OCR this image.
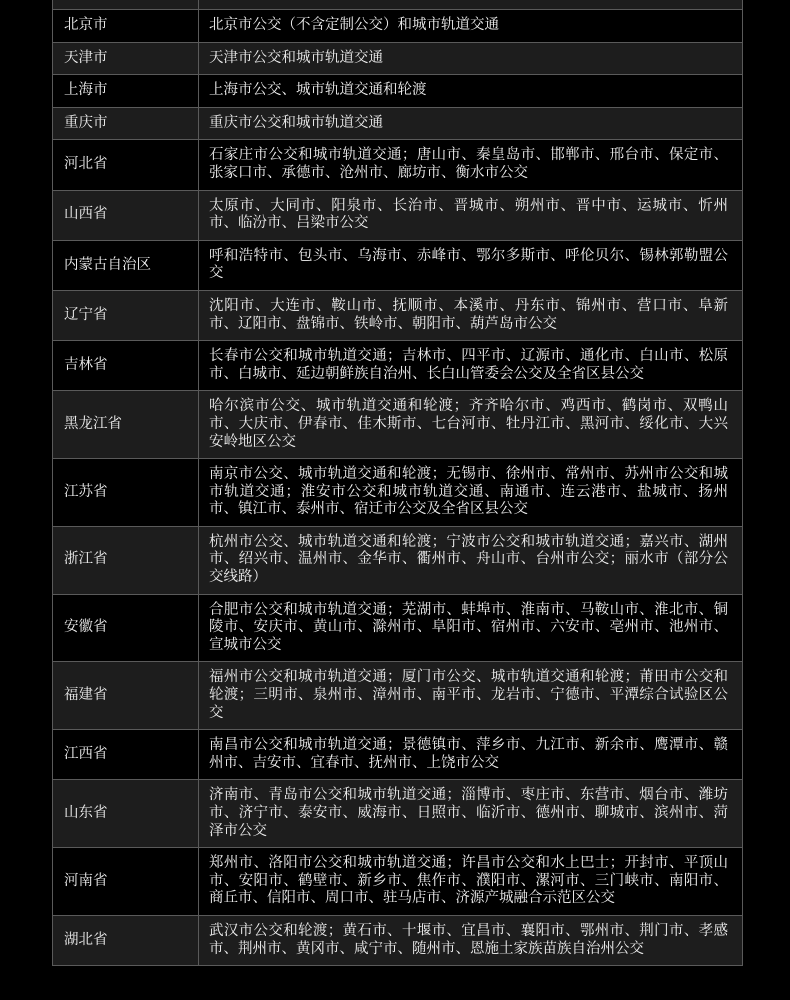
北京市	北京市公交（不含定制公交）和城市轨道交通
天津市	天津市公交和城市轨道交通
上海市	上海市公交、城市轨道交通和轮渡
重庆市	重庆市公交和城市轨道交通
河北省	石家庄市公交和城市轨道交通；唐山市、秦皇岛市、邯郸市、邢台市、保定市、张家口市、承德市、沧州市、廊坊市、衡水市公交
山西省	太原市、大同市、阳泉市、长治市、晋城市、朔州市、晋中市、运城市、忻州市、临汾市、吕梁市公交
内蒙古自治区	呼和浩特市、包头市、乌海市、赤峰市、鄂尔多斯市、呼伦贝尔、锡林郭勒盟公交
辽宁省	沈阳市、大连市、鞍山市、抚顺市、本溪市、丹东市、锦州市、营口市、阜新市、辽阳市、盘锦市、铁岭市、朝阳市、葫芦岛市公交
吉林省	长春市公交和城市轨道交通；吉林市、四平市、辽源市、通化市、白山市、松原市、白城市、延边朝鲜族自治州、长白山管委会公交及全省区县公交
黑龙江省	哈尔滨市公交、城市轨道交通和轮渡；齐齐哈尔市、鸡西市、鹤岗市、双鸭山市、大庆市、伊春市、佳木斯市、七台河市、牡丹江市、黑河市、绥化市、大兴安岭地区公交
江苏省	南京市公交、城市轨道交通和轮渡；无锡市、徐州市、常州市、苏州市公交和城市轨道交通；淮安市公交和城市轨道交通、南通市、连云港市、盐城市、扬州市、镇江市、泰州市、宿迁市公交及全省区县公交
浙江省	杭州市公交、城市轨道交通和轮渡；宁波市公交和城市轨道交通；嘉兴市、湖州市、绍兴市、温州市、金华市、衢州市、舟山市、台州市公交；丽水市（部分公交线路）
安徽省	合肥市公交和城市轨道交通；芜湖市、蚌埠市、淮南市、马鞍山市、淮北市、铜陵市、安庆市、黄山市、滁州市、阜阳市、宿州市、六安市、亳州市、池州市、宣城市公交
福建省	福州市公交和城市轨道交通；厦门市公交、城市轨道交通和轮渡；莆田市公交和轮渡；三明市、泉州市、漳州市、南平市、龙岩市、宁德市、平潭综合试验区公交
江西省	南昌市公交和城市轨道交通；景德镇市、萍乡市、九江市、新余市、鹰潭市、赣州市、吉安市、宜春市、抚州市、上饶市公交
山东省	济南市、青岛市公交和城市轨道交通；淄博市、枣庄市、东营市、烟台市、潍坊市、济宁市、泰安市、威海市、日照市、临沂市、德州市、聊城市、滨州市、菏泽市公交
河南省	郑州市、洛阳市公交和城市轨道交通；许昌市公交和水上巴士；开封市、平顶山市、安阳市、鹤壁市、新乡市、焦作市、濮阳市、漯河市、三门峡市、南阳市、商丘市、信阳市、周口市、驻马店市、济源产城融合示范区公交
湖北省	武汉市公交和轮渡；黄石市、十堰市、宜昌市、襄阳市、鄂州市、荆门市、孝感市、荆州市、黄冈市、咸宁市、随州市、恩施土家族苗族自治州公交
